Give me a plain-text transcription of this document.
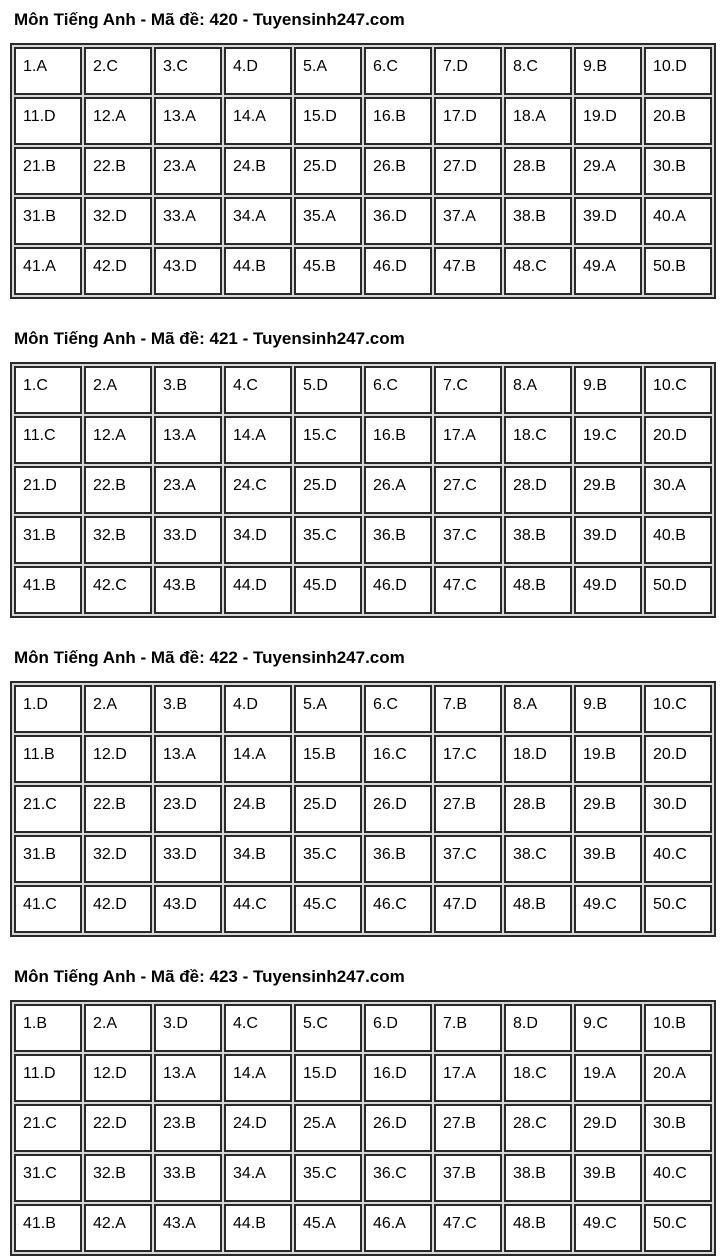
Môn Tiếng Anh - Mã đề: 420 - Tuyensinh247.com
1.A	2.C	3.C	4.D	5.A	6.C	7.D	8.C	9.B	10.D
11.D	12.A	13.A	14.A	15.D	16.B	17.D	18.A	19.D	20.B
21.B	22.B	23.A	24.B	25.D	26.B	27.D	28.B	29.A	30.B
31.B	32.D	33.A	34.A	35.A	36.D	37.A	38.B	39.D	40.A
41.A	42.D	43.D	44.B	45.B	46.D	47.B	48.C	49.A	50.B
Môn Tiếng Anh - Mã đề: 421 - Tuyensinh247.com
1.C	2.A	3.B	4.C	5.D	6.C	7.C	8.A	9.B	10.C
11.C	12.A	13.A	14.A	15.C	16.B	17.A	18.C	19.C	20.D
21.D	22.B	23.A	24.C	25.D	26.A	27.C	28.D	29.B	30.A
31.B	32.B	33.D	34.D	35.C	36.B	37.C	38.B	39.D	40.B
41.B	42.C	43.B	44.D	45.D	46.D	47.C	48.B	49.D	50.D
Môn Tiếng Anh - Mã đề: 422 - Tuyensinh247.com
1.D	2.A	3.B	4.D	5.A	6.C	7.B	8.A	9.B	10.C
11.B	12.D	13.A	14.A	15.B	16.C	17.C	18.D	19.B	20.D
21.C	22.B	23.D	24.B	25.D	26.D	27.B	28.B	29.B	30.D
31.B	32.D	33.D	34.B	35.C	36.B	37.C	38.C	39.B	40.C
41.C	42.D	43.D	44.C	45.C	46.C	47.D	48.B	49.C	50.C
Môn Tiếng Anh - Mã đề: 423 - Tuyensinh247.com
1.B	2.A	3.D	4.C	5.C	6.D	7.B	8.D	9.C	10.B
11.D	12.D	13.A	14.A	15.D	16.D	17.A	18.C	19.A	20.A
21.C	22.D	23.B	24.D	25.A	26.D	27.B	28.C	29.D	30.B
31.C	32.B	33.B	34.A	35.C	36.C	37.B	38.B	39.B	40.C
41.B	42.A	43.A	44.B	45.A	46.A	47.C	48.B	49.C	50.C
